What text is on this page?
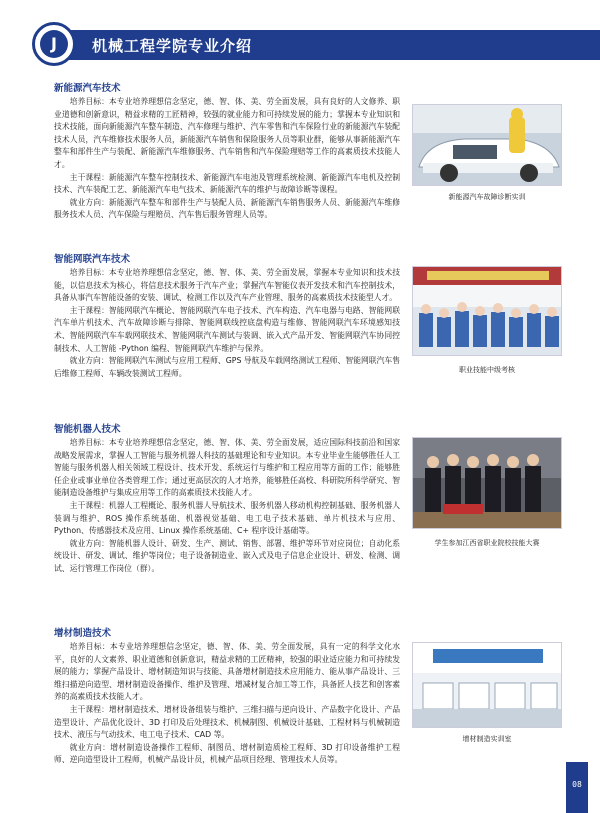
J	机械工程学院专业介绍
新能源汽车技术

培养目标：本专业培养理想信念坚定，德、智、体、美、劳全面发展，具有良好的人文修养、职业道德和创新意识，精益求精的工匠精神，较强的就业能力和可持续发展的能力；掌握本专业知识和技术技能，面向新能源汽车整车制造、汽车修理与维护、汽车零售和汽车保险行业的新能源汽车装配技术人员，汽车维修技术服务人员，新能源汽车销售和保险服务人员等职业群，能够从事新能源汽车整车和部件生产与装配、新能源汽车维修服务、汽车销售和汽车保险理赔等工作的高素质技术技能人才。

主干课程：新能源汽车整车控制技术、新能源汽车电池及管理系统检测、新能源汽车电机及控制技术、汽车装配工艺、新能源汽车电气技术、新能源汽车的维护与故障诊断等课程。

就业方向：新能源汽车整车和部件生产与装配人员、新能源汽车销售服务人员、新能源汽车维修服务技术人员、汽车保险与理赔员、汽车售后服务管理人员等。

新能源汽车故障诊断实训
智能网联汽车技术

培养目标：本专业培养理想信念坚定，德、智、体、美、劳全面发展，掌握本专业知识和技术技能，以信息技术为核心，将信息技术服务于汽车产业；掌握汽车智能仪表开发技术和汽车控制技术，具备从事汽车智能设备的安装、调试、检测工作以及汽车产业管理、服务的高素质技术技能型人才。

主干课程：智能网联汽车概论、智能网联汽车电子技术、汽车构造、汽车电器与电路、智能网联汽车单片机技术、汽车故障诊断与排除、智能网联线控底盘构造与维修、智能网联汽车环境感知技术、智能网联汽车车载网联技术、智能网联汽车测试与装调、嵌入式产品开发、智能网联汽车协同控制技术、人工智能 -Python 编程、智能网联汽车维护与保养。

就业方向：智能网联汽车测试与应用工程师、GPS 导航及车载网络测试工程师、智能网联汽车售后维修工程师、车辆改装测试工程师。	职业技能中级考核
智能机器人技术

培养目标：本专业培养理想信念坚定，德、智、体、美、劳全面发展，适应国际科技前沿和国家战略发展需求，掌握人工智能与服务机器人科技的基础理论和专业知识。本专业毕业生能够胜任人工智能与服务机器人相关领域工程设计、技术开发、系统运行与维护和工程应用等方面的工作；能够胜任企业或事业单位各类管理工作；通过更高层次的人才培养，能够胜任高校、科研院所科学研究、智能制造设备维护与集成应用等工作的高素质技术技能人才。

主干课程：机器人工程概论、服务机器人导航技术、服务机器人移动机构控制基础、服务机器人装调与维护、ROS 操作系统基础、机器视觉基础、电工电子技术基础、单片机技术与应用、Python、传感器技术及应用、Linux 操作系统基础、C+ 程序设计基础等。

就业方向：智能机器人设计、研发、生产、测试、销售、部署、维护等环节对应岗位；自动化系统设计、研发、调试、维护等岗位；电子设备制造业、嵌入式及电子信息企业设计、研发、检测、调试、运行管理工作岗位（群）。

学生参加江西省职业院校技能大赛
增材制造技术

培养目标：本专业培养理想信念坚定，德、智、体、美、劳全面发展，具有一定的科学文化水平，良好的人文素养、职业道德和创新意识，精益求精的工匠精神，较强的职业适应能力和可持续发展的能力；掌握产品设计、增材制造知识与技能、具备增材制造技术应用能力、能从事产品设计、三维扫描逆向造型、增材制造设备操作、维护及管理、增减材复合加工等工作，具备匠人技艺和创客素养的高素质技术技能人才。

主干课程：增材制造技术、增材设备组装与维护、三维扫描与逆向设计、产品数字化设计、产品造型设计、产品优化设计、3D 打印及后处理技术、机械制图、机械设计基础、工程材料与机械制造技术、液压与气动技术、电工电子技术、CAD 等。

就业方向：增材制造设备操作工程师、制图员、增材制造质检工程师、3D 打印设备维护工程师、逆向造型设计工程师，机械产品设计员，机械产品项目经理、管理技术人员等。

增材制造实训室
08
